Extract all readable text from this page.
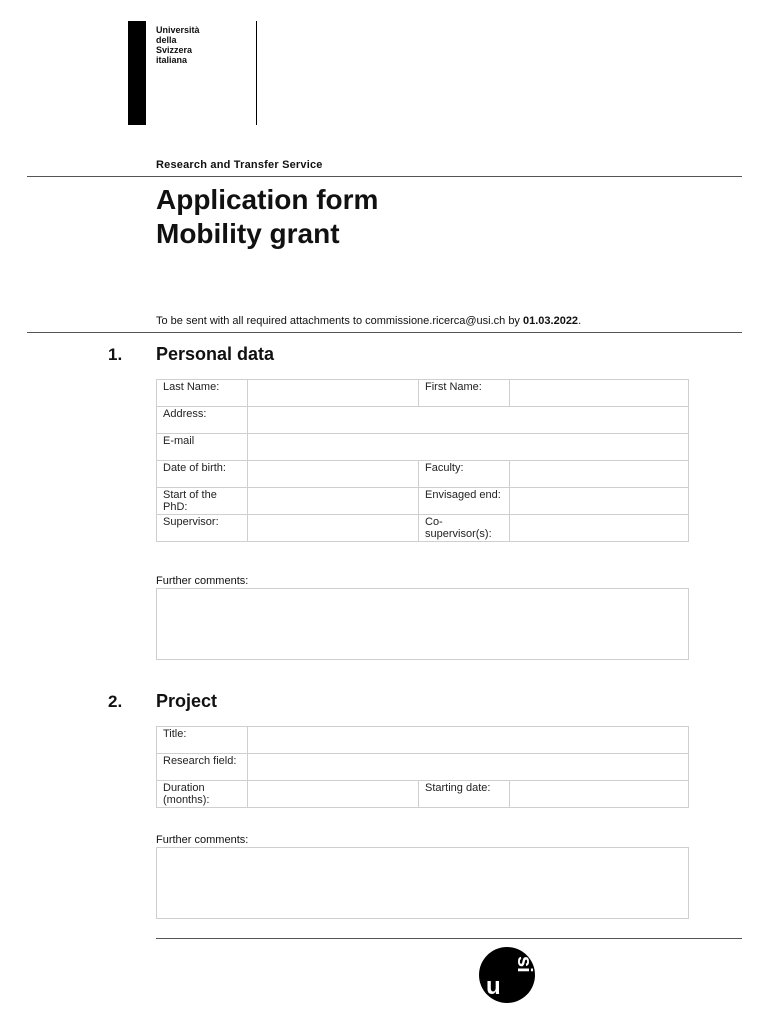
Università
della
Svizzera
italiana
Research and Transfer Service
Application form
Mobility grant
To be sent with all required attachments to commissione.ricerca@usi.ch by 01.03.2022.
1. Personal data
Last Name:		First Name:	
Address:			
E-mail			
Date of birth:		Faculty:	
Start of the PhD:		Envisaged end:	
Supervisor:		Co-supervisor(s):	
Further comments:
2. Project
Title:			
Research field:			
Duration (months):		Starting date:	
Further comments:
u
si
